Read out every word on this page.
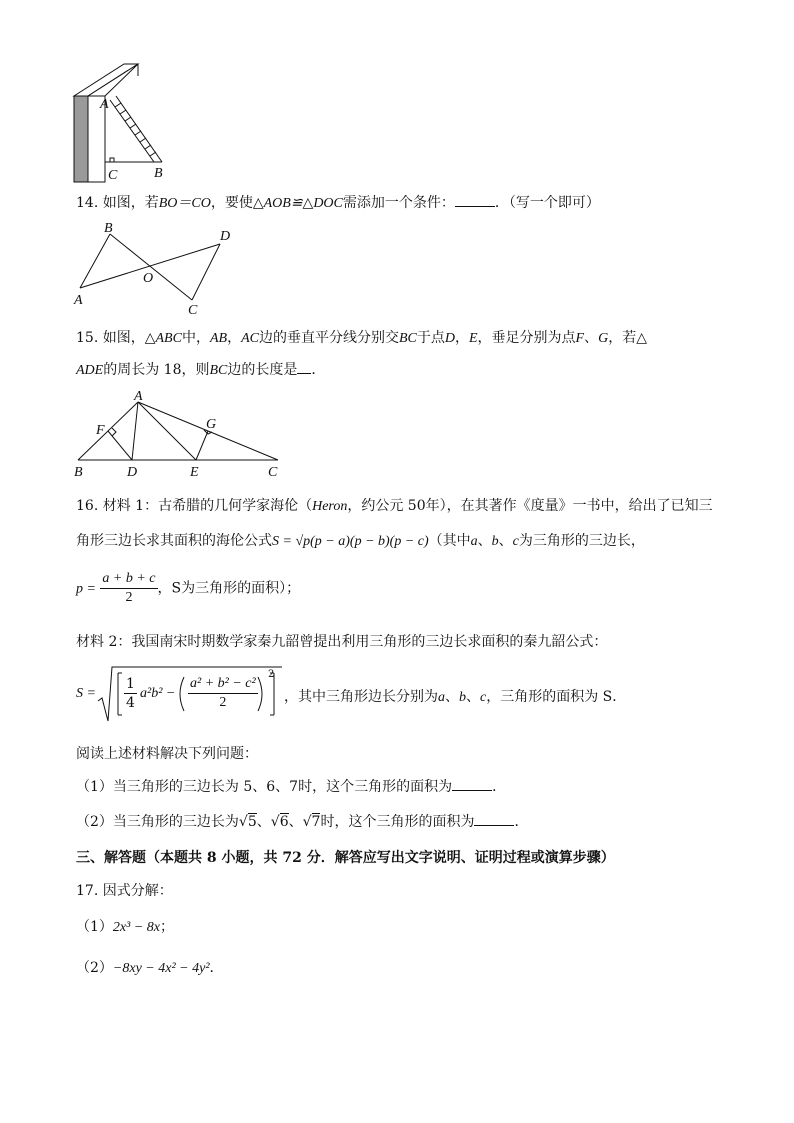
A
C	B
14. 如图，若BO＝CO，要使△AOB≌△DOC需添加一个条件：	．（写一个即可）
B
D
O
A
C
15. 如图，△ABC中，AB，AC边的垂直平分线分别交BC于点D，E，垂足分别为点F、G，若△
ADE的周长为 18，则BC边的长度是 ．
A
F	G
B	D	E	C
16. 材料 1：古希腊的几何学家海伦（Heron，约公元 50年），在其著作《度量》一书中，给出了已知三
角形三边长求其面积的海伦公式S = √p(p − a)(p − b)(p − c)（其中a、b、c为三角形的三边长，
$p = \frac{a + b + c}{2}$ ，S为三角形的面积）；
材料 2：我国南宋时期数学家秦九韶曾提出利用三角形的三边长求面积的秦九韶公式：
$S = \frac{1}{4} a^2b^2 - \frac{\text{a² + b² − c²}}{2}$
2
，其中三角形边长分别为a、b、c，三角形的面积为 S．
阅读上述材料解决下列问题：
（1）当三角形的三边长为 5、6、7时，这个三角形的面积为	．
（2）当三角形的三边长为√5、√6、√7时，这个三角形的面积为	．
三、解答题（本题共 8 小题，共 72 分．解答应写出文字说明、证明过程或演算步骤）
17. 因式分解：
（1）2x³ − 8x；
（2）−8xy − 4x² − 4y²．
